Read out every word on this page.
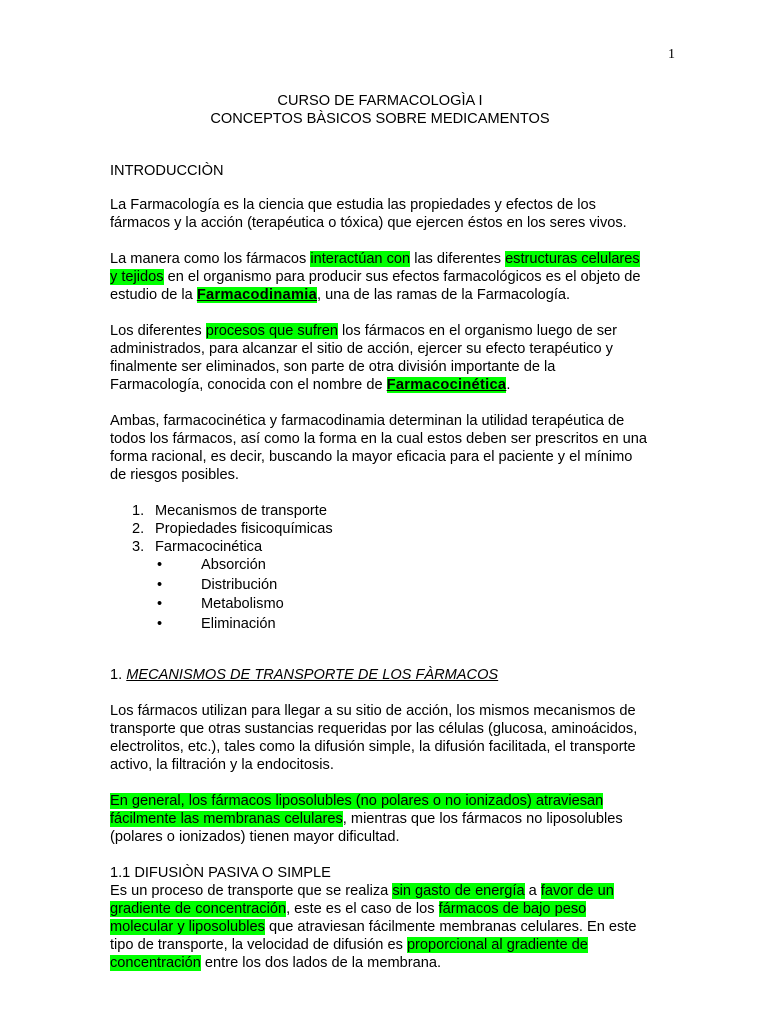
1

CURSO DE FARMACOLOGÌA I

CONCEPTOS BÀSICOS SOBRE MEDICAMENTOS

INTRODUCCIÒN

La Farmacología es la ciencia que estudia las propiedades y efectos de los fármacos y la acción (terapéutica o tóxica) que ejercen éstos en los seres vivos.

La manera como los fármacos interactúan con las diferentes estructuras celulares y tejidos en el organismo para producir sus efectos farmacológicos es el objeto de estudio de la Farmacodinamia, una de las ramas de la Farmacología.

Los diferentes procesos que sufren los fármacos en el organismo luego de ser administrados, para alcanzar el sitio de acción, ejercer su efecto terapéutico y finalmente ser eliminados, son parte de otra división importante de la Farmacología, conocida con el nombre de Farmacocinética.

Ambas, farmacocinética y farmacodinamia determinan la utilidad terapéutica de todos los fármacos, así como la forma en la cual estos deben ser prescritos en una forma racional, es decir, buscando la mayor eficacia para el paciente y el mínimo de riesgos posibles.

1. Mecanismos de transporte
2. Propiedades fisicoquímicas
3. Farmacocinética
•	Absorción
•	Distribución
•	Metabolismo
•	Eliminación

1. MECANISMOS DE TRANSPORTE DE LOS FÀRMACOS

Los fármacos utilizan para llegar a su sitio de acción, los mismos mecanismos de transporte que otras sustancias requeridas por las células (glucosa, aminoácidos, electrolitos, etc.), tales como la difusión simple, la difusión facilitada, el transporte activo, la filtración y la endocitosis.

En general, los fármacos liposolubles (no polares o no ionizados) atraviesan fácilmente las membranas celulares, mientras que los fármacos no liposolubles (polares o ionizados) tienen mayor dificultad.

1.1 DIFUSIÒN PASIVA O SIMPLE

Es un proceso de transporte que se realiza sin gasto de energía a favor de un gradiente de concentración, este es el caso de los fármacos de bajo peso molecular y liposolubles que atraviesan fácilmente membranas celulares. En este tipo de transporte, la velocidad de difusión es proporcional al gradiente de concentración entre los dos lados de la membrana.
